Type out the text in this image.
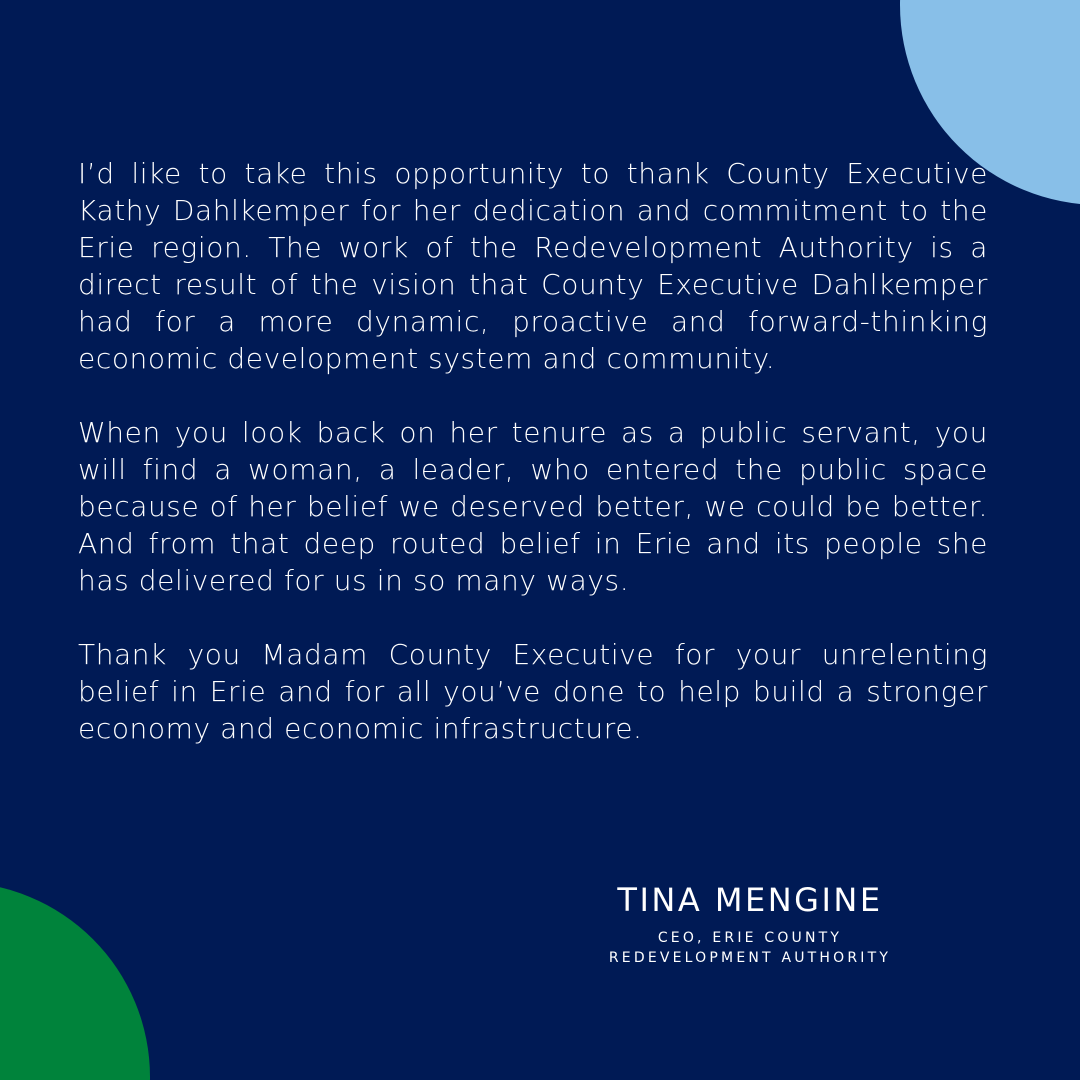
I’d like to take this opportunity to thank County Executive Kathy Dahlkemper for her dedication and commitment to the Erie region. The work of the Redevelopment Authority is a direct result of the vision that County Executive Dahlkemper had for a more dynamic, proactive and forward-thinking economic development system and community.

When you look back on her tenure as a public servant, you will find a woman, a leader, who entered the public space because of her belief we deserved better, we could be better. And from that deep routed belief in Erie and its people she has delivered for us in so many ways.

Thank you Madam County Executive for your unrelenting belief in Erie and for all you’ve done to help build a stronger economy and economic infrastructure.

TINA MENGINE
CEO, ERIE COUNTY
REDEVELOPMENT AUTHORITY
